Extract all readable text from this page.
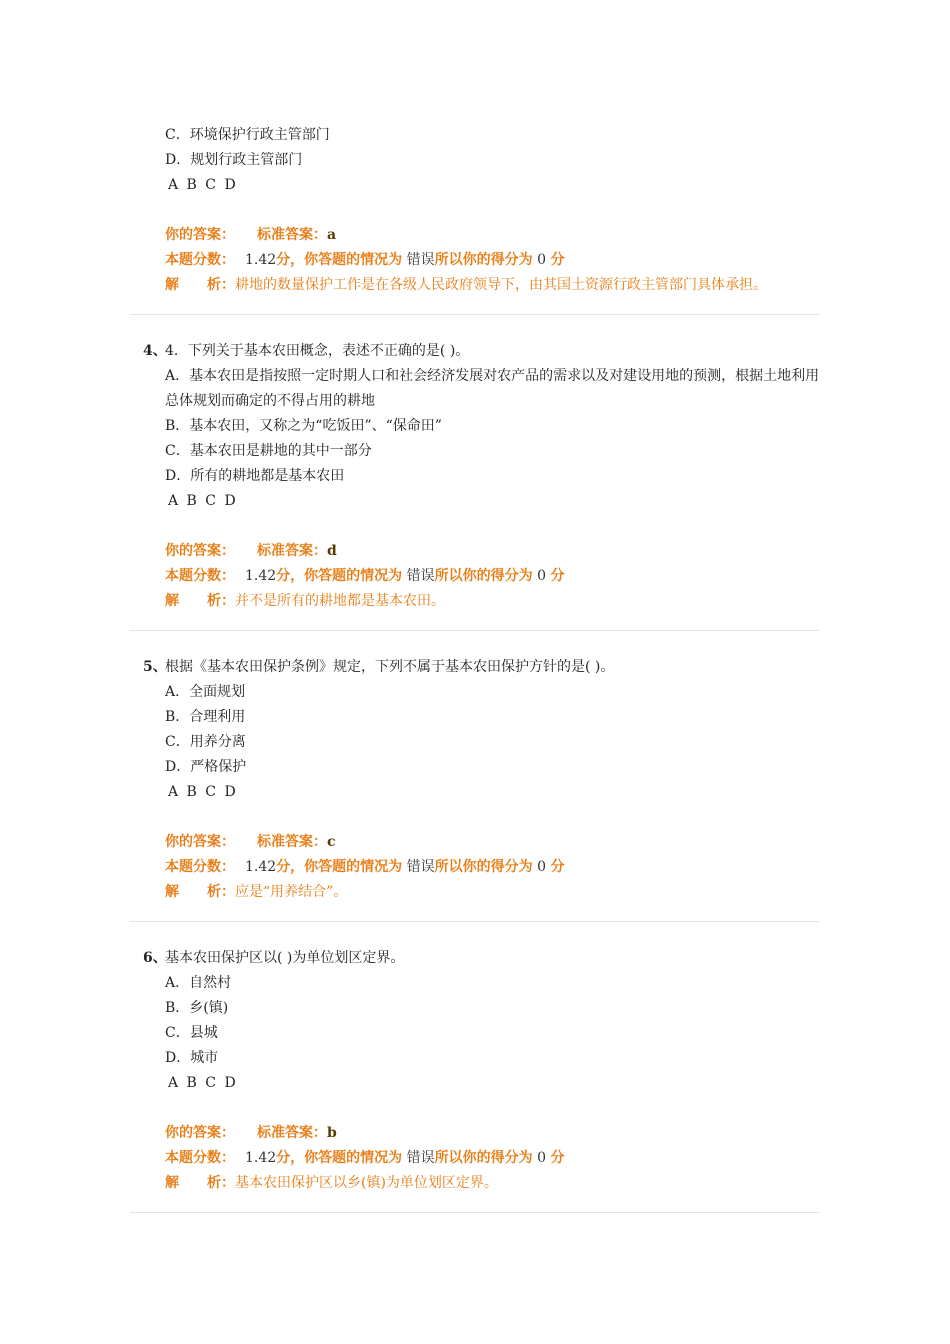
C．环境保护行政主管部门
D．规划行政主管部门
A B C D
你的答案： 标准答案：a
本题分数： 1.42分，你答题的情况为 错误所以你的得分为 0 分
解　　析：耕地的数量保护工作是在各级人民政府领导下，由其国土资源行政主管部门具体承担。
4、
4．下列关于基本农田概念，表述不正确的是( )。
A．基本农田是指按照一定时期人口和社会经济发展对农产品的需求以及对建设用地的预测，根据土地利用总体规划而确定的不得占用的耕地
B．基本农田，又称之为“吃饭田”、“保命田”
C．基本农田是耕地的其中一部分
D．所有的耕地都是基本农田
A B C D
你的答案： 标准答案：d
本题分数： 1.42分，你答题的情况为 错误所以你的得分为 0 分
解　　析：并不是所有的耕地都是基本农田。
5、
根据《基本农田保护条例》规定，下列不属于基本农田保护方针的是( )。
A．全面规划
B．合理利用
C．用养分离
D．严格保护
A B C D
你的答案： 标准答案：c
本题分数： 1.42分，你答题的情况为 错误所以你的得分为 0 分
解　　析：应是“用养结合”。
6、
基本农田保护区以( )为单位划区定界。
A．自然村
B．乡(镇)
C．县城
D．城市
A B C D
你的答案： 标准答案：b
本题分数： 1.42分，你答题的情况为 错误所以你的得分为 0 分
解　　析：基本农田保护区以乡(镇)为单位划区定界。
